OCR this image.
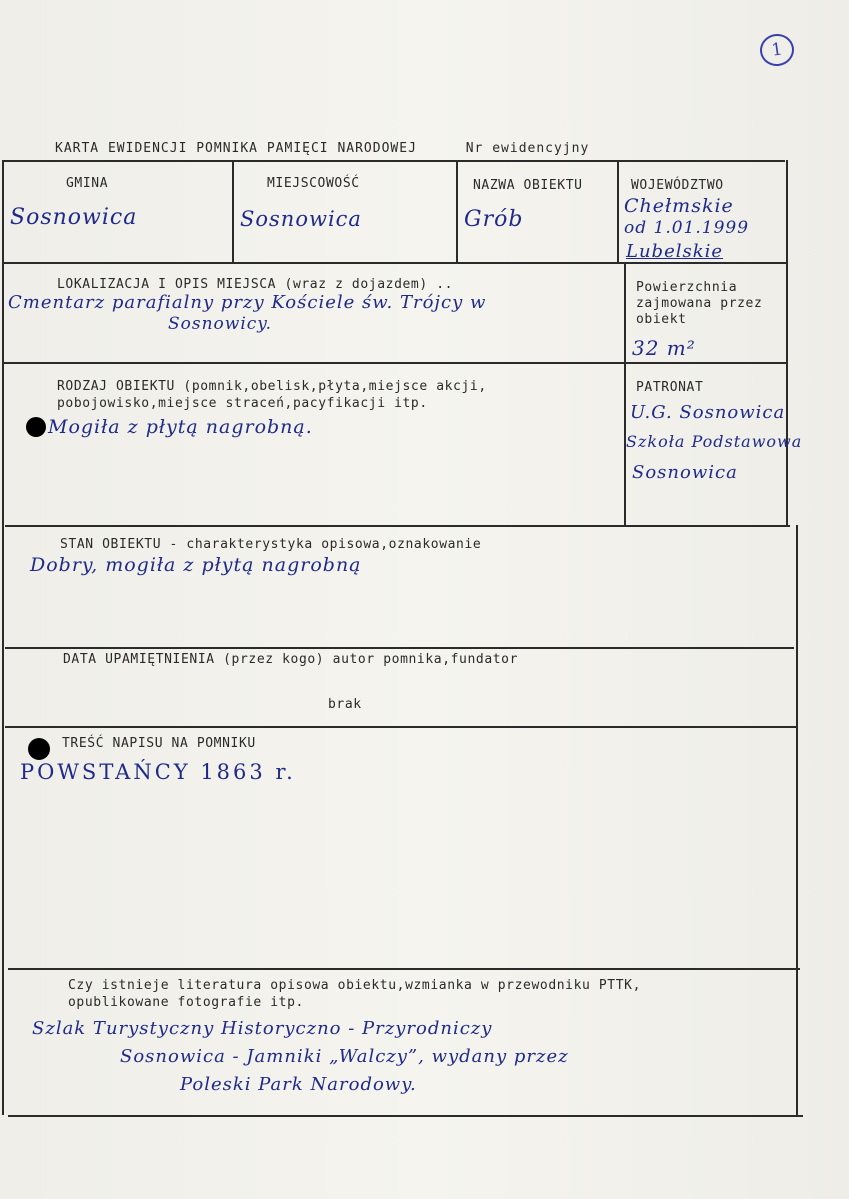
1
KARTA EWIDENCJI POMNIKA PAMIĘCI NARODOWEJ	Nr ewidencyjny
GMINA
Sosnowica
MIEJSCOWOŚĆ
Sosnowica
NAZWA OBIEKTU
Grób
WOJEWÓDZTWO
Chełmskie
od 1.01.1999
Lubelskie
LOKALIZACJA I OPIS MIEJSCA (wraz z dojazdem) ..
Cmentarz parafialny przy Kościele św. Trójcy w
Sosnowicy.
Powierzchnia
zajmowana przez
obiekt
32 m²
RODZAJ OBIEKTU (pomnik,obelisk,płyta,miejsce akcji,
pobojowisko,miejsce straceń,pacyfikacji itp.
Mogiła z płytą nagrobną.
PATRONAT
U.G. Sosnowica
Szkoła Podstawowa
Sosnowica
STAN OBIEKTU - charakterystyka opisowa,oznakowanie
Dobry, mogiła z płytą nagrobną
DATA UPAMIĘTNIENIA (przez kogo) autor pomnika,fundator
brak
TREŚĆ NAPISU NA POMNIKU
POWSTAŃCY 1863 r.
Czy istnieje literatura opisowa obiektu,wzmianka w przewodniku PTTK,
opublikowane fotografie itp.
Szlak Turystyczny Historyczno - Przyrodniczy
Sosnowica - Jamniki „Walczy”, wydany przez
Poleski Park Narodowy.
